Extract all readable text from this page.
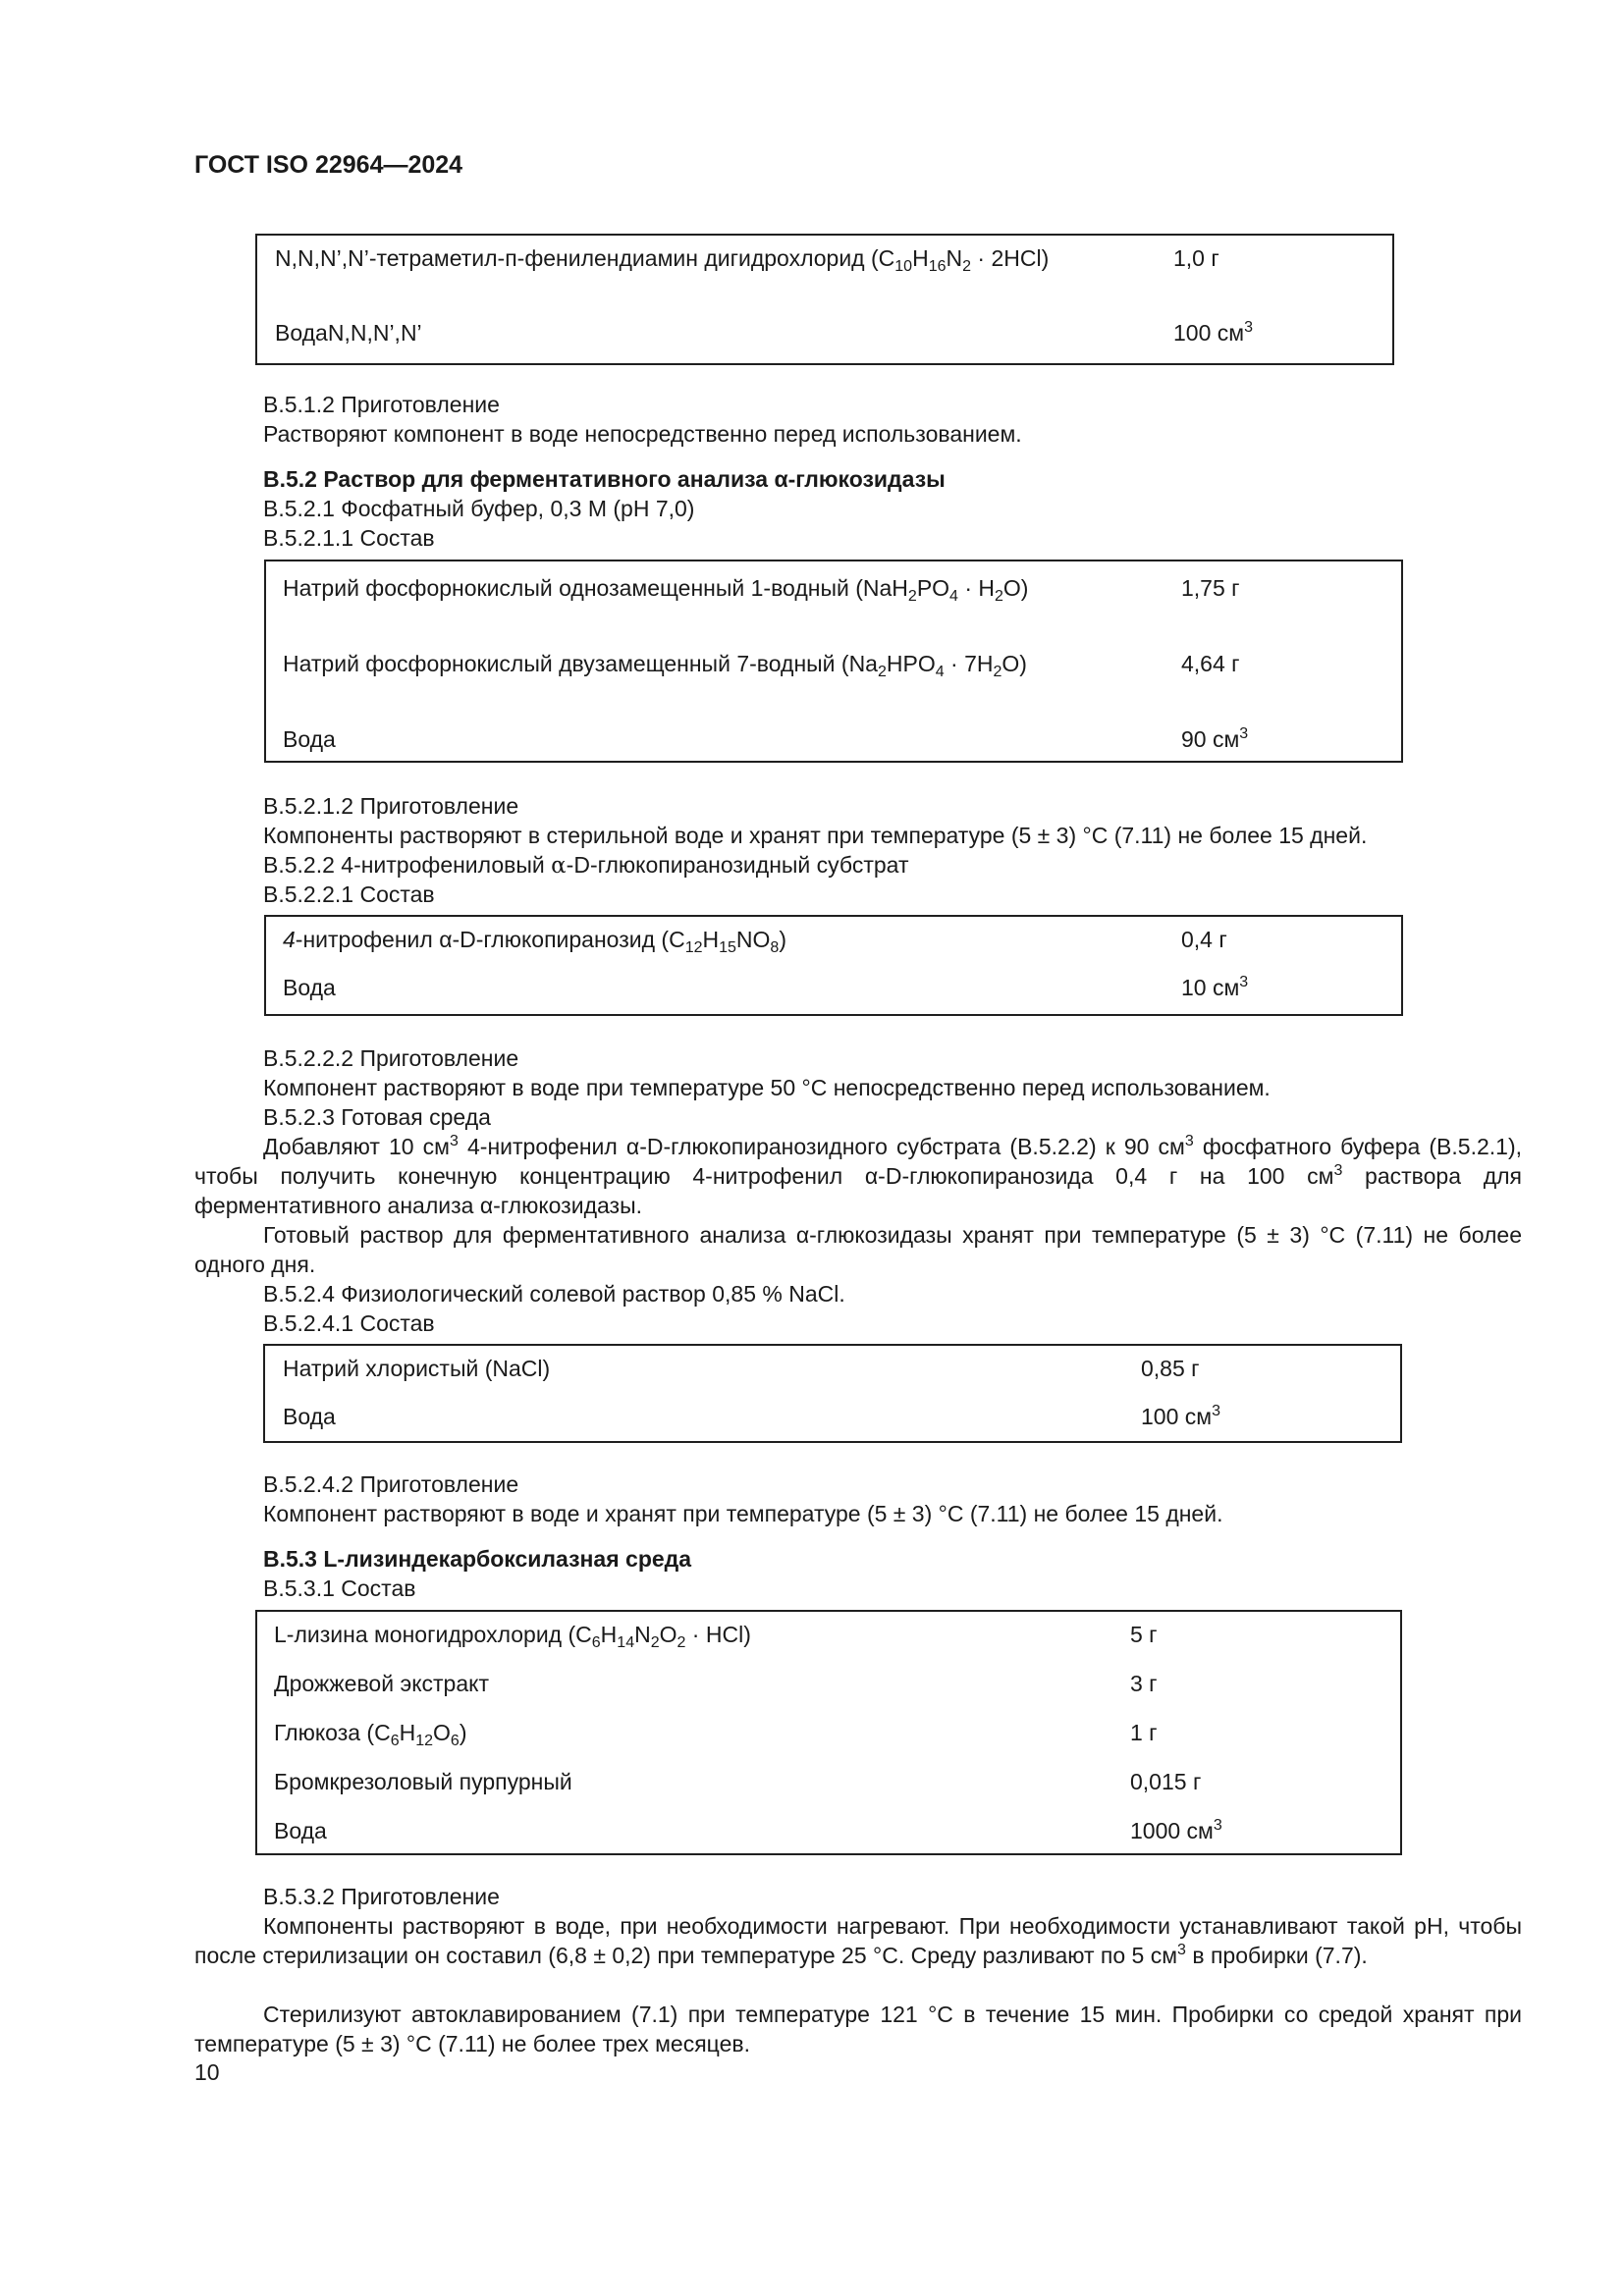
ГОСТ ISO 22964—2024
N,N,N’,N’-тетраметил-п-фенилендиамин дигидрохлорид $(C_{10}H_{16}N_2 \cdot 2HCl)$	1,0 г
ВодаN,N,N’,N’	100 $см^3$
B.5.1.2 Приготовление
Растворяют компонент в воде непосредственно перед использованием.
B.5.2 Раствор для ферментативного анализа α-глюкозидазы
B.5.2.1 Фосфатный буфер, 0,3 М (pH 7,0)
B.5.2.1.1 Состав
Натрий фосфорнокислый однозамещенный 1-водный $(NaH_2PO_4 \cdot H_2O)$	1,75 г
Натрий фосфорнокислый двузамещенный 7-водный $(Na_2HPO_4 \cdot 7H_2O)$	4,64 г
Вода	90 $см^3$
B.5.2.1.2 Приготовление
Компоненты растворяют в стерильной воде и хранят при температуре (5 ± 3) °C (7.11) не более 15 дней.
B.5.2.2 4-нитрофениловый α-D-глюкопиранозидный субстрат
B.5.2.2.1 Состав
4-нитрофенил α-D-глюкопиранозид $(C_{12}H_{15}NO_8)$	0,4 г
Вода	10 $см^3$
B.5.2.2.2 Приготовление
Компонент растворяют в воде при температуре 50 °C непосредственно перед использованием.
B.5.2.3 Готовая среда
Добавляют 10 $см^3$ 4-нитрофенил α-D-глюкопиранозидного субстрата (B.5.2.2) к 90 $см^3$ фосфатного буфера (B.5.2.1), чтобы получить конечную концентрацию 4-нитрофенил α-D-глюкопиранозида 0,4 г на 100 $см^3$ раствора для ферментативного анализа α-глюкозидазы.
Готовый раствор для ферментативного анализа α-глюкозидазы хранят при температуре (5 ± 3) °C (7.11) не более одного дня.
B.5.2.4 Физиологический солевой раствор 0,85 % NaCl.
B.5.2.4.1 Состав
Натрий хлористый (NaCl)	0,85 г
Вода	100 $см^3$
B.5.2.4.2 Приготовление
Компонент растворяют в воде и хранят при температуре (5 ± 3) °C (7.11) не более 15 дней.
B.5.3 L-лизиндекарбоксилазная среда
B.5.3.1 Состав
L-лизина моногидрохлорид $(C_6H_{14}N_2O_2 \cdot HCl)$	5 г
Дрожжевой экстракт	3 г
Глюкоза $(C_6H_{12}O_6)$	1 г
Бромкрезоловый пурпурный	0,015 г
Вода	1000 $см^3$
B.5.3.2 Приготовление
Компоненты растворяют в воде, при необходимости нагревают. При необходимости устанавливают такой pH, чтобы после стерилизации он составил (6,8 ± 0,2) при температуре 25 °C. Среду разливают по 5 $см^3$ в пробирки (7.7).
Стерилизуют автоклавированием (7.1) при температуре 121 °C в течение 15 мин. Пробирки со средой хранят при температуре (5 ± 3) °C (7.11) не более трех месяцев.
10
